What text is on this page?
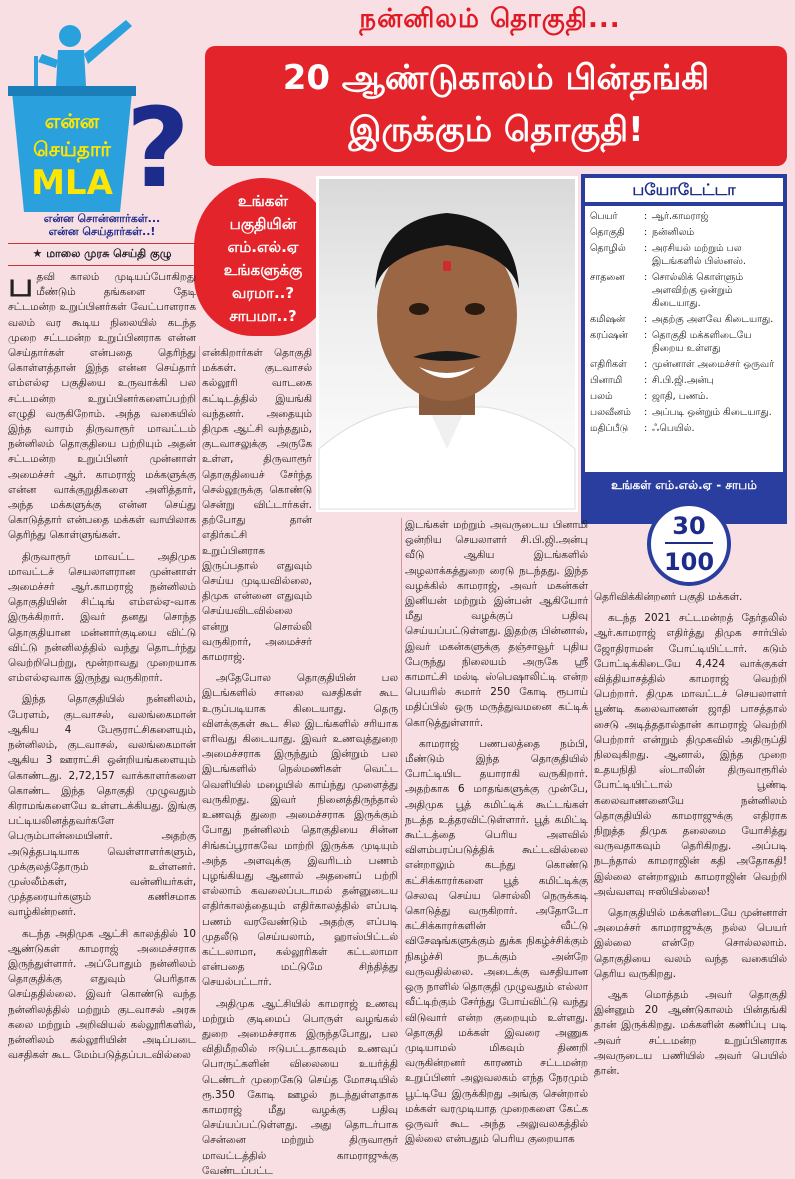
நன்னிலம் தொகுதி...
20 ஆண்டுகாலம் பின்தங்கி
இருக்கும் தொகுதி!
?
என்ன
செய்தார்
MLA
என்ன சொன்னார்கள்...
என்ன செய்தார்கள்..!
★ மாலை முரசு செய்தி குழு
உங்கள்
பகுதியின்
எம்.எல்.ஏ
உங்களுக்கு
வரமா..?
சாபமா..?
பயோடேட்டா
பெயர்	: ஆர்.காமராஜ்
தொகுதி	: நன்னிலம்
தொழில்	: அரசியல் மற்றும் பல இடங்களில் பிஸ்னஸ்.
சாதனை	: சொல்லிக் கொள்ளும் அளவிற்கு ஒன்றும் கிடையாது.
கமிஷன்	: அதற்கு அளவே கிடையாது.
கரப்ஷன்	: தொகுதி மக்களிடையே நிறைய உள்ளது
எதிரிகள்	: முன்னாள் அமைச்சர் ஒருவர்
பினாமி	: சி.பி.ஜி.அன்பு
பலம்	: ஜாதி, பணம்.
பலவீனம்	: அப்படி ஒன்றும் கிடையாது.
மதிப்பீடு	: ஃபெயில்.
உங்கள் எம்.எல்.ஏ - சாபம்
30
100

பதவி காலம் முடியப்போகிறது மீண்டும் தங்களை தேடி சட்டமன்ற உறுப்பினர்கள் வேட்பாளராக வலம் வர கூடிய நிலையில் கடந்த முறை சட்டமன்ற உறுப்பினராக என்ன செய்தார்கள் என்பதை தெரிந்து கொள்ளத்தான் இந்த என்ன செய்தார் எம்எல்ஏ பகுதியை உருவாக்கி பல சட்டமன்ற உறுப்பினர்களைப்பற்றி எழுதி வருகிறோம். அந்த வகையில் இந்த வாரம் திருவாரூர் மாவட்டம் நன்னிலம் தொகுதியை பற்றியும் அதன் சட்டமன்ற உறுப்பினர் முன்னாள் அமைச்சர் ஆர். காமராஜ் மக்களுக்கு என்ன வாக்குறுதிகளை அளித்தார், அந்த மக்களுக்கு என்ன செய்து கொடுத்தார் என்பதை மக்கள் வாயிலாக தெரிந்து கொள்ளுங்கள்.

திருவாரூர் மாவட்ட அதிமுக மாவட்டச் செயலாளரான முன்னாள் அமைச்சர் ஆர்.காமராஜ் நன்னிலம் தொகுதியின் சிட்டிங் எம்எல்ஏ-வாக இருக்கிறார். இவர் தனது சொந்த தொகுதியான மன்னார்குடியை விட்டு விட்டு நன்னிலத்தில் வந்து தொடர்ந்து வெற்றிபெற்று, மூன்றாவது முறையாக எம்எல்ஏவாக இருந்து வருகிறார்.

இந்த தொகுதியில் நன்னிலம், பேரளம், குடவாசல், வலங்கைமான் ஆகிய 4 பேரூராட்சிகளையும், நன்னிலம், குடவாசல், வலங்கைமான் ஆகிய 3 ஊராட்சி ஒன்றியங்களையும் கொண்டது. 2,72,157 வாக்காளர்களை கொண்ட இந்த தொகுதி முழுவதும் கிராமங்களையே உள்ளடக்கியது. இங்கு பட்டியலினத்தவர்களே பெரும்பான்மையினர். அதற்கு அடுத்தபடியாக வெள்ளாளர்களும், முக்குலத்தோரும் உள்ளனர். முஸ்லீம்கள், வன்னியர்கள், முத்தரையர்களும் கணிசமாக வாழ்கின்றனர்.

கடந்த அதிமுக ஆட்சி காலத்தில் 10 ஆண்டுகள் காமராஜ் அமைச்சராக இருந்துள்ளார். அப்போதும் நன்னிலம் தொகுதிக்கு எதுவும் பெரிதாக செய்ததில்லை. இவர் கொண்டு வந்த நன்னிலத்தில் மற்றும் குடவாசல் அரசு கலை மற்றும் அறிவியல் கல்லூரிகளில், நன்னிலம் கல்லூரியின் அடிப்படை வசதிகள் கூட மேம்படுத்தப்படவில்லை

என்கிறார்கள் தொகுதி மக்கள். குடவாசல் கல்லூரி வாடகை கட்டிடத்தில் இயங்கி வந்தனர். அதையும் திமுக ஆட்சி வந்ததும், குடவாசலுக்கு அருகே உள்ள, திருவாரூர் தொகுதியைச் சேர்ந்த செல்லூருக்கு கொண்டு சென்று விட்டார்கள். தற்போது தான் எதிர்கட்சி உறுப்பினராக இருப்பதால் எதுவும் செய்ய முடியவில்லை, திமுக என்னை எதுவும் செய்யவிடவில்லை என்று சொல்லி வருகிறார், அமைச்சர் காமராஜ்.

அதேபோல தொகுதியின் பல இடங்களில் சாலை வசதிகள் கூட உருப்படியாக கிடையாது. தெரு விளக்குகள் கூட சில இடங்களில் சரியாக எரிவது கிடையாது. இவர் உணவுத்துறை அமைச்சராக இருந்தும் இன்றும் பல இடங்களில் நெல்மணிகள் வெட்ட வெளியில் மழையில் காய்ந்து முளைத்து வருகிறது. இவர் நினைத்திருந்தால் உணவுத் துறை அமைச்சராக இருக்கும் போது நன்னிலம் தொகுதியை சின்ன சிங்கப்பூராகவே மாற்றி இருக்க முடியும் அந்த அளவுக்கு இவரிடம் பணம் புழங்கியது ஆனால் அதனைப் பற்றி எல்லாம் கவலைப்படாமல் தன்னுடைய எதிர்காலத்தையும் எதிர்காலத்தில் எப்படி பணம் வரவேண்டும் அதற்கு எப்படி முதலீடு செய்யலாம், ஹாஸ்பிட்டல் கட்டலாமா, கல்லூரிகள் கட்டலாமா என்பதை மட்டுமே சிந்தித்து செயல்பட்டார்.

அதிமுக ஆட்சியில் காமராஜ் உணவு மற்றும் குடிமைப் பொருள் வழங்கல் துறை அமைச்சராக இருந்தபோது, பல விதிமீறலில் ஈடுபட்டதாகவும் உணவுப் பொருட்களின் விலையை உயர்த்தி டெண்டர் முறைகேடு செய்த மோசடியில் ரூ.350 கோடி ஊழல் நடந்துள்ளதாக காமராஜ் மீது வழக்கு பதிவு செய்யப்பட்டுள்ளது. அது தொடர்பாக சென்னை மற்றும் திருவாரூர் மாவட்டத்தில் காமராஜுக்கு வேண்டப்பட்ட

இடங்கள் மற்றும் அவருடைய பினாமி ஒன்றிய செயலாளர் சி.பி.ஜி.அன்பு வீடு ஆகிய இடங்களில் அழலாக்கத்துறை ரைடு நடந்தது. இந்த வழக்கில் காமராஜ், அவர் மகன்கள் இனியன் மற்றும் இன்பன் ஆகியோர் மீது வழக்குப் பதிவு செய்யப்பட்டுள்ளது. இதற்கு பின்னால், இவர் மகன்களுக்கு தஞ்சாவூர் புதிய பேருந்து நிலையம் அருகே ஸ்ரீ காமாட்சி மல்டி ஸ்பெஷாலிட்டி என்ற பெயரில் சுமார் 250 கோடி ரூபாய் மதிப்பில் ஒரு மருத்துவமனை கட்டிக் கொடுத்துள்ளார்.

காமராஜ் பணபலத்தை நம்பி, மீண்டும் இந்த தொகுதியில் போட்டியிட தயாராகி வருகிறார். அதற்காக 6 மாதங்களுக்கு முன்பே, அதிமுக பூத் கமிட்டிக் கூட்டங்கள் நடத்த உத்தரவிட்டுள்ளார். பூத் கமிட்டி கூட்டத்தை பெரிய அளவில் விளம்பரப்படுத்திக் கூட்டவில்லை என்றாலும் கடந்து கொண்டு கட்சிக்காரர்களை பூத் கமிட்டிக்கு செலவு செய்ய சொல்லி நெருக்கடி கொடுத்து வருகிறார். அதோடோ கட்சிக்காரர்களின் வீட்டு விசேஷங்களுக்கும் துக்க நிகழ்ச்சிக்கும் நிகழ்ச்சி நடக்கும் அன்றே வருவதில்லை. அடைக்கு வசதியான ஒரு நாளில் தொகுதி முழுவதும் எல்லா வீட்டிற்கும் சேர்ந்து போய்விட்டு வந்து விடுவார் என்ற குறையும் உள்ளது. தொகுதி மக்கள் இவரை அணுக முடியாமல் மிகவும் திணறி வருகின்றனர் காரணம் சட்டமன்ற உறுப்பினர் அலுவலகம் எந்த நேரமும் பூட்டியே இருக்கிறது அங்கு சென்றால் மக்கள் வரமுடியாத முறைகளை கேட்க ஒருவர் கூட அந்த அலுவலகத்தில் இல்லை என்பதும் பெரிய குறையாக

தெரிவிக்கின்றனர் பகுதி மக்கள்.

கடந்த 2021 சட்டமன்றத் தேர்தலில் ஆர்.காமராஜ் எதிர்த்து திமுக சார்பில் ஜோதிராமன் போட்டியிட்டார். கடும் போட்டிக்கிடையே 4,424 வாக்குகள் வித்தியாசத்தில் காமராஜ் வெற்றி பெற்றார். திமுக மாவட்டச் செயலாளர் பூண்டி கலைவாணன் ஜாதி பாசத்தால் சைடு அடித்ததால்தான் காமராஜ் வெற்றி பெற்றார் என்றும் திமுகவில் அதிருப்தி நிலவுகிறது. ஆனால், இந்த முறை உதயநிதி ஸ்டாலின் திருவாரூரில் போட்டியிட்டால் பூண்டி கலைவாணனையே நன்னிலம் தொகுதியில் காமராஜுக்கு எதிராக நிறுத்த திமுக தலைமை யோசித்து வருவதாகவும் தெரிகிறது. அப்படி நடந்தால் காமராஜின் கதி அதோகதி! இல்லை என்றாலும் காமராஜின் வெற்றி அவ்வளவு ஈஸியில்லை!

தொகுதியில் மக்களிடையே முன்னாள் அமைச்சர் காமராஜுக்கு நல்ல பெயர் இல்லை என்றே சொல்லலாம். தொகுதியை வலம் வந்த வகையில் தெரிய வருகிறது.

ஆக மொத்தம் அவர் தொகுதி இன்னும் 20 ஆண்டுகாலம் பின்தங்கி தான் இருக்கிறது. மக்களின் கணிப்பு படி அவர் சட்டமன்ற உறுப்பினராக அவருடைய பணியில் அவர் பெயில் தான்.
